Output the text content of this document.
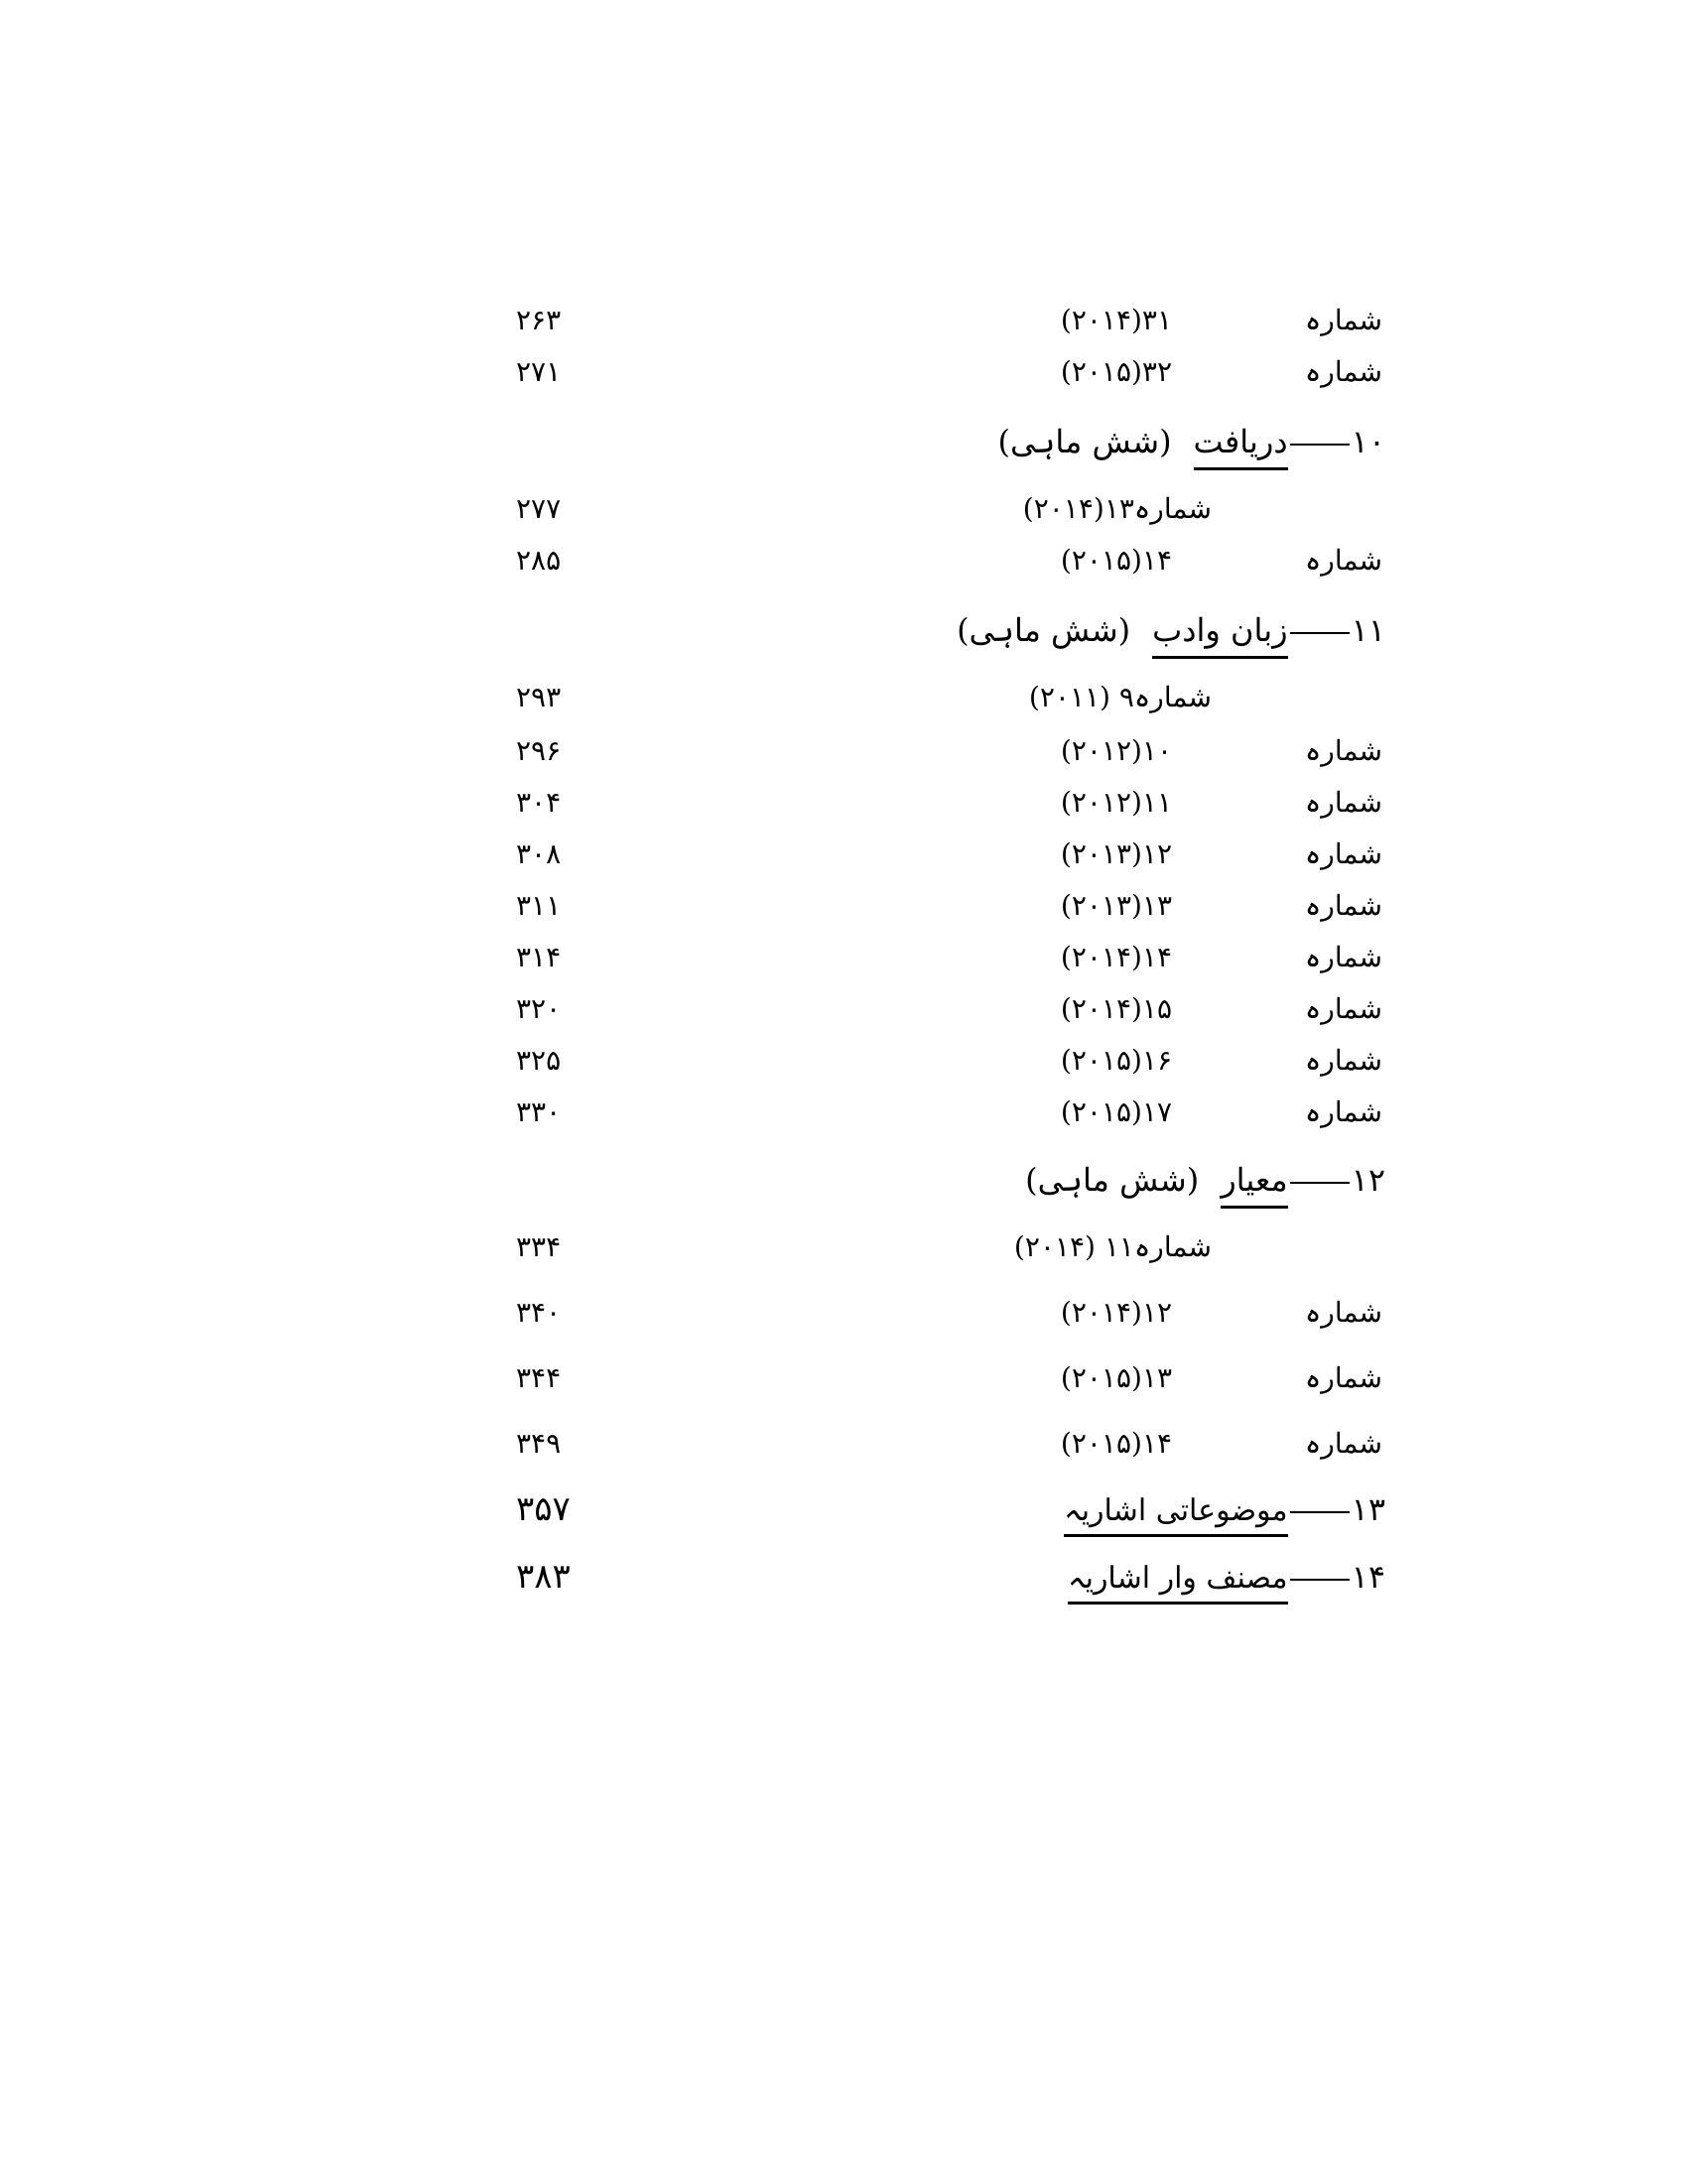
شمارہ
۳۱(۲۰۱۴)
۲۶۳
شمارہ
۳۲(۲۰۱۵)
۲۷۱
۱۰دریافت(شش ماہی)
شمارہ۱۳(۲۰۱۴)
۲۷۷
شمارہ
۱۴(۲۰۱۵)
۲۸۵
۱۱زبان وادب(شش ماہی)
شمارہ۹ (۲۰۱۱)
۲۹۳
شمارہ
۱۰(۲۰۱۲)
۲۹۶
شمارہ
۱۱(۲۰۱۲)
۳۰۴
شمارہ
۱۲(۲۰۱۳)
۳۰۸
شمارہ
۱۳(۲۰۱۳)
۳۱۱
شمارہ
۱۴(۲۰۱۴)
۳۱۴
شمارہ
۱۵(۲۰۱۴)
۳۲۰
شمارہ
۱۶(۲۰۱۵)
۳۲۵
شمارہ
۱۷(۲۰۱۵)
۳۳۰
۱۲معیار(شش ماہی)
شمارہ۱۱ (۲۰۱۴)
۳۳۴
شمارہ
۱۲(۲۰۱۴)
۳۴۰
شمارہ
۱۳(۲۰۱۵)
۳۴۴
شمارہ
۱۴(۲۰۱۵)
۳۴۹
۱۳موضوعاتی اشاریہ
۳۵۷
۱۴مصنف وار اشاریہ
۳۸۳
